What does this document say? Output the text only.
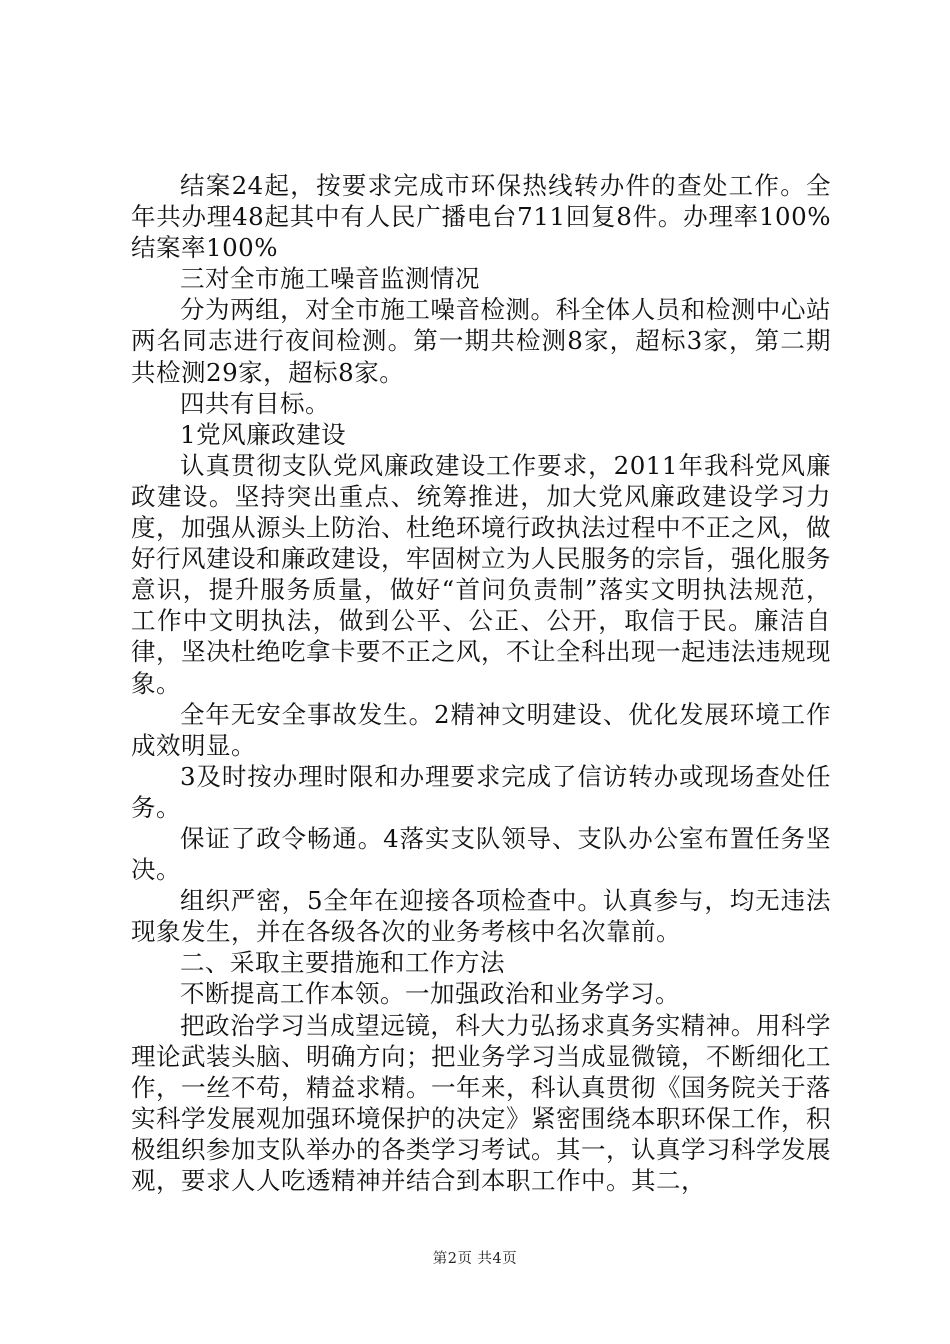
结案24起，按要求完成市环保热线转办件的查处工作。全年共办理48起其中有人民广播电台711回复8件。办理率100%结案率100%

三对全市施工噪音监测情况

分为两组，对全市施工噪音检测。科全体人员和检测中心站两名同志进行夜间检测。第一期共检测8家，超标3家，第二期共检测29家，超标8家。

四共有目标。

1党风廉政建设

认真贯彻支队党风廉政建设工作要求，2011年我科党风廉政建设。坚持突出重点、统筹推进，加大党风廉政建设学习力度，加强从源头上防治、杜绝环境行政执法过程中不正之风，做好行风建设和廉政建设，牢固树立为人民服务的宗旨，强化服务意识，提升服务质量，做好“首问负责制”落实文明执法规范，工作中文明执法，做到公平、公正、公开，取信于民。廉洁自律，坚决杜绝吃拿卡要不正之风，不让全科出现一起违法违规现象。

全年无安全事故发生。2精神文明建设、优化发展环境工作成效明显。

3及时按办理时限和办理要求完成了信访转办或现场查处任务。

保证了政令畅通。4落实支队领导、支队办公室布置任务坚决。

组织严密，5全年在迎接各项检查中。认真参与，均无违法现象发生，并在各级各次的业务考核中名次靠前。

二、采取主要措施和工作方法

不断提高工作本领。一加强政治和业务学习。

把政治学习当成望远镜，科大力弘扬求真务实精神。用科学理论武装头脑、明确方向；把业务学习当成显微镜，不断细化工作，一丝不苟，精益求精。一年来，科认真贯彻《国务院关于落实科学发展观加强环境保护的决定》紧密围绕本职环保工作，积极组织参加支队举办的各类学习考试。其一，认真学习科学发展观，要求人人吃透精神并结合到本职工作中。其二，

第2页 共4页
